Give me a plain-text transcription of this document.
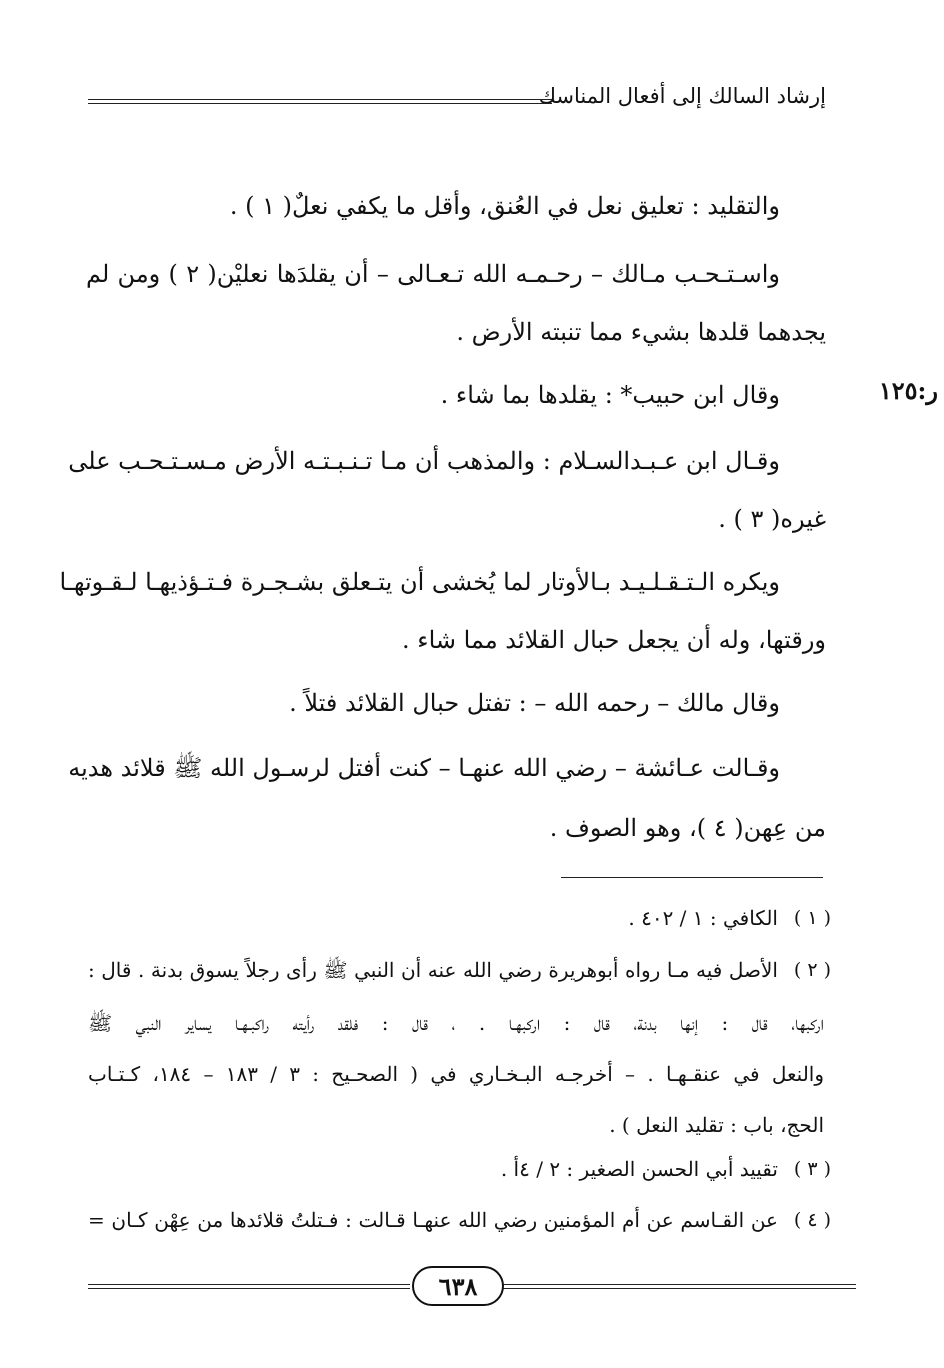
إرشاد السالك إلى أفعال المناسك
ر:١٢٥
والتقليد : تعليق نعل في العُنق، وأقل ما يكفي نعلٌ( ١ ) .
واسـتـحـب مـالك – رحـمـه الله تـعـالى – أن يقلدَها نعليْن( ٢ ) ومن لم
يجدهما قلدها بشيء مما تنبته الأرض .
وقال ابن حبيب* : يقلدها بما شاء .
وقـال ابن عـبـدالسـلام : والمذهب أن مـا تـنـبـتـه الأرض مـسـتـحـب على
غيره( ٣ ) .
ويكره الـتـقـلـيـد بـالأوتار لما يُخشى أن يتـعلق بشـجـرة فـتـؤذيهـا لـقـوتهـا
ورقتها، وله أن يجعل حبال القلائد مما شاء .
وقال مالك – رحمه الله – : تفتل حبال القلائد فتلاً .
وقـالت عـائشة – رضي الله عنهـا – كنت أفتل لرسـول الله ﷺ قلائد هديه
من عِهن( ٤ )، وهو الصوف .
( ١ )
الكافي : ١ / ٤٠٢ .
( ٢ )
الأصل فيه مـا رواه أبوهريرة رضي الله عنه أن النبي ﷺ رأى رجلاً يسوق بدنة . قال :
اركبها، قال : إنها بدنة، قال : اركبهـا . ، قال : فلقد رأيته راكبـهـا يساير النبي ﷺ
والنعل في عنقـهـا . – أخرجـه البـخـاري في ( الصحـيح : ٣ / ١٨٣ – ١٨٤، كـتـاب
الحج، باب : تقليد النعل ) .
( ٣ )
تقييد أبي الحسن الصغير : ٢ / ٤أ .
( ٤ )
عن القـاسم عن أم المؤمنين رضي الله عنهـا قـالت : فـتلتُ قلائدها من عِهْن كـان =
٦٣٨
